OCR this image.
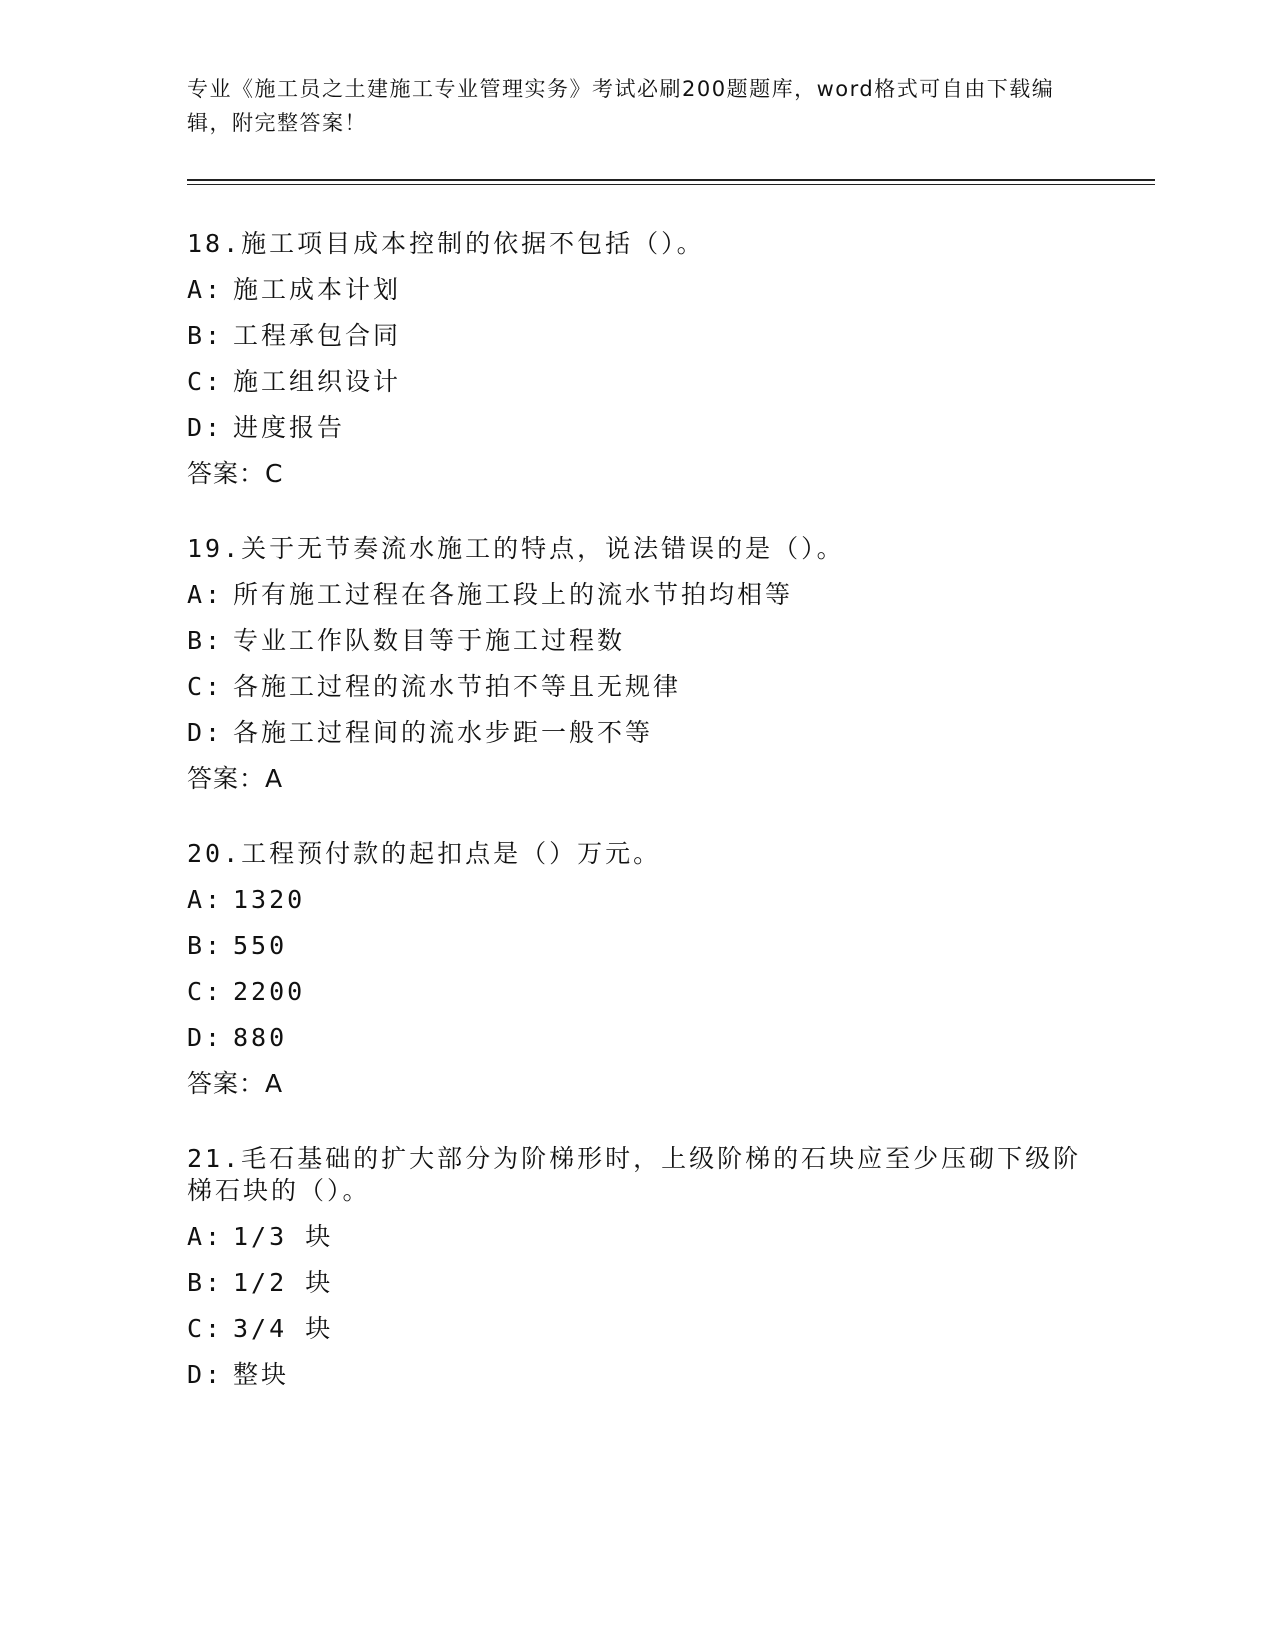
专业《施工员之土建施工专业管理实务》考试必刷200题题库，word格式可自由下载编辑，附完整答案！
18.施工项目成本控制的依据不包括（）。
A: 施工成本计划
B: 工程承包合同
C: 施工组织设计
D: 进度报告
答案：C
19.关于无节奏流水施工的特点，说法错误的是（）。
A: 所有施工过程在各施工段上的流水节拍均相等
B: 专业工作队数目等于施工过程数
C: 各施工过程的流水节拍不等且无规律
D: 各施工过程间的流水步距一般不等
答案：A
20.工程预付款的起扣点是（）万元。
A: 1320
B: 550
C: 2200
D: 880
答案：A
21.毛石基础的扩大部分为阶梯形时，上级阶梯的石块应至少压砌下级阶梯石块的（）。
A: 1/3 块
B: 1/2 块
C: 3/4 块
D: 整块
